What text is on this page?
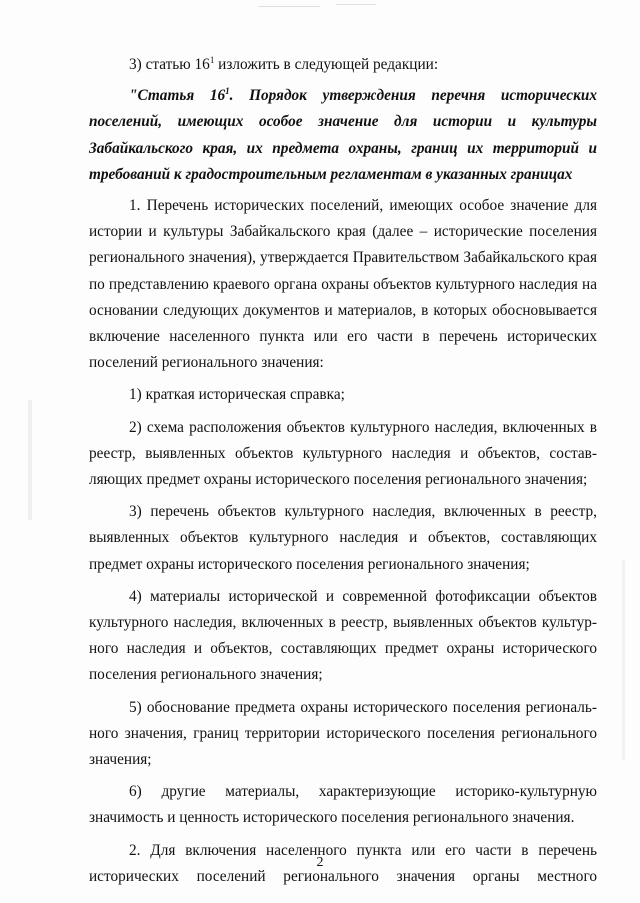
3) статью $16^1$ изложить в следующей редакции:
"Статья $16^1$. Порядок утверждения перечня исторических
поселений, имеющих особое значение для истории и культуры
Забайкальского края, их предмета охраны, границ их территорий и
требований к градостроительным регламентам в указанных границах
1. Перечень исторических поселений, имеющих особое значение для
истории и культуры Забайкальского края (далее – исторические поселения
регионального значения), утверждается Правительством Забайкальского края
по представлению краевого органа охраны объектов культурного наследия на
основании следующих документов и материалов, в которых обосновывается
включение населенного пункта или его части в перечень исторических
поселений регионального значения:
1) краткая историческая справка;
2) схема расположения объектов культурного наследия, включенных в
реестр, выявленных объектов культурного наследия и объектов, состав-
ляющих предмет охраны исторического поселения регионального значения;
3) перечень объектов культурного наследия, включенных в реестр,
выявленных объектов культурного наследия и объектов, составляющих
предмет охраны исторического поселения регионального значения;
4) материалы исторической и современной фотофиксации объектов
культурного наследия, включенных в реестр, выявленных объектов культур-
ного наследия и объектов, составляющих предмет охраны исторического
поселения регионального значения;
5) обоснование предмета охраны исторического поселения региональ-
ного значения, границ территории исторического поселения регионального
значения;
6) другие материалы, характеризующие историко-культурную
значимость и ценность исторического поселения регионального значения.
2. Для включения населенного пункта или его части в перечень
исторических поселений регионального значения органы местного
2
